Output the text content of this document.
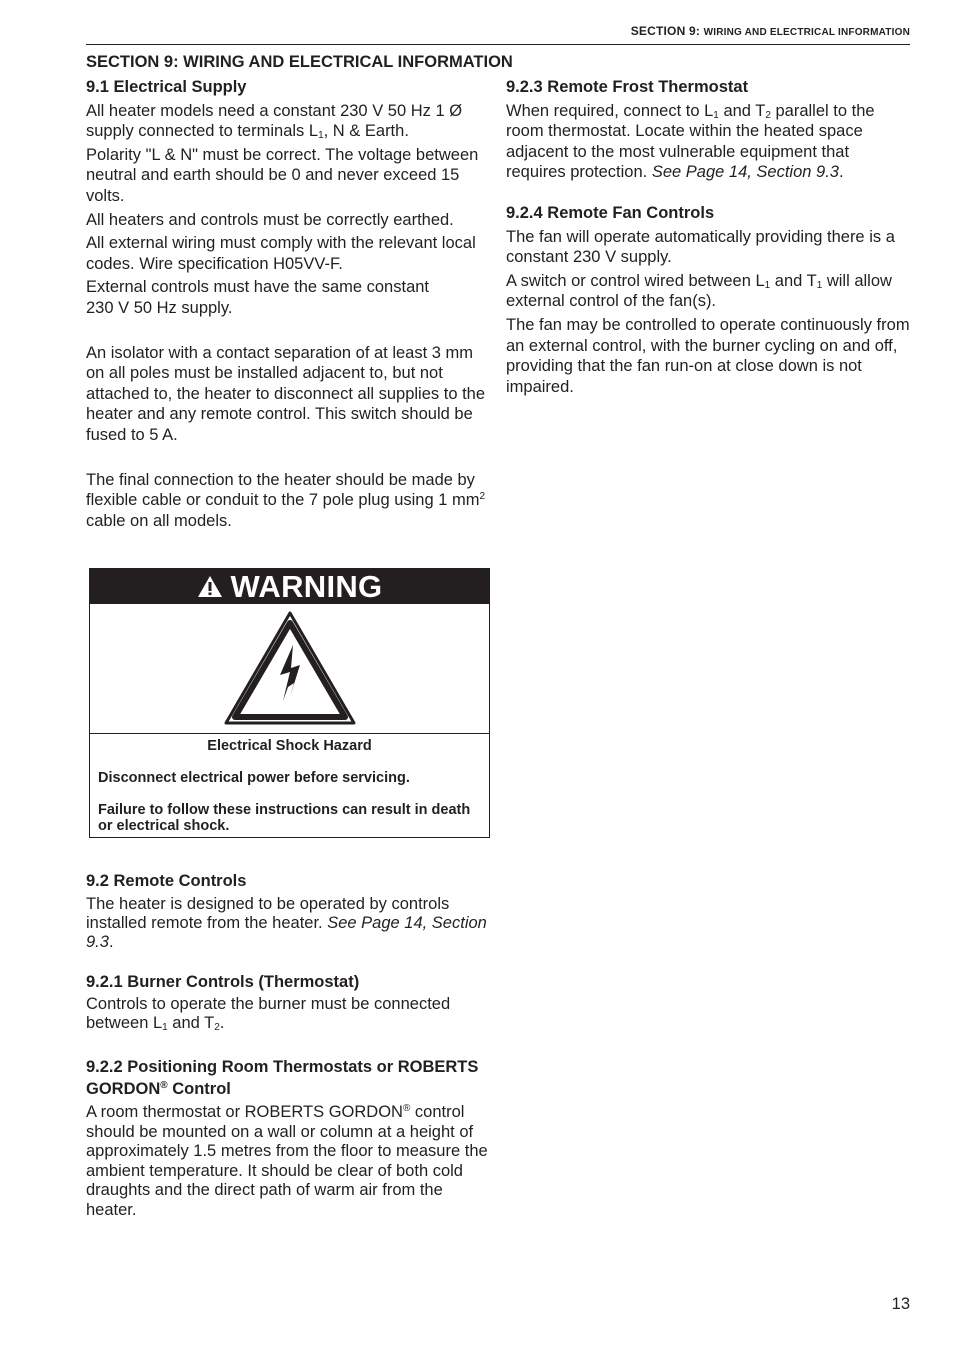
SECTION 9: WIRING AND ELECTRICAL INFORMATION
SECTION 9: WIRING AND ELECTRICAL INFORMATION
9.1 Electrical Supply

All heater models need a constant 230 V 50 Hz 1 Ø supply connected to terminals $L_1$, N & Earth.

Polarity "L & N" must be correct. The voltage between neutral and earth should be 0 and never exceed 15 volts.

All heaters and controls must be correctly earthed.

All external wiring must comply with the relevant local codes. Wire specification H05VV-F.

External controls must have the same constant 230 V 50 Hz supply.

An isolator with a contact separation of at least 3 mm on all poles must be installed adjacent to, but not attached to, the heater to disconnect all supplies to the heater and any remote control. This switch should be fused to 5 A.

The final connection to the heater should be made by flexible cable or conduit to the 7 pole plug using 1 $mm^2$ cable on all models.

WARNING
Electrical Shock Hazard
Disconnect electrical power before servicing.
Failure to follow these instructions can result in death or electrical shock.
9.2 Remote Controls

The heater is designed to be operated by controls installed remote from the heater. See Page 14, Section 9.3.

9.2.1 Burner Controls (Thermostat)

Controls to operate the burner must be connected between $L_1$ and $T_2$.

9.2.2 Positioning Room Thermostats or ROBERTS GORDON® Control

A room thermostat or ROBERTS GORDON® control should be mounted on a wall or column at a height of approximately 1.5 metres from the floor to measure the ambient temperature. It should be clear of both cold draughts and the direct path of warm air from the heater.

9.2.3 Remote Frost Thermostat

When required, connect to $L_1$ and $T_2$ parallel to the room thermostat. Locate within the heated space adjacent to the most vulnerable equipment that requires protection. See Page 14, Section 9.3.

9.2.4 Remote Fan Controls

The fan will operate automatically providing there is a constant 230 V supply.

A switch or control wired between $L_1$ and $T_1$ will allow external control of the fan(s).

The fan may be controlled to operate continuously from an external control, with the burner cycling on and off, providing that the fan run-on at close down is not impaired.

13
